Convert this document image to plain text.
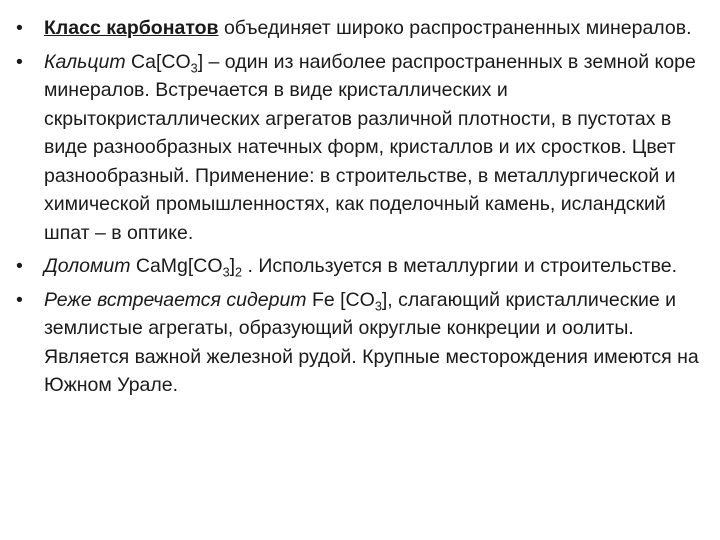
• Класс карбонатов объединяет широко распространенных минералов.
• Кальцит $Ca[CO_3]$ – один из наиболее распространенных в земной коре минералов. Встречается в виде кристаллических и скрытокристаллических агрегатов различной плотности, в пустотах в виде разнообразных натечных форм, кристаллов и их сростков. Цвет разнообразный. Применение: в строительстве, в металлургической и химической промышленностях, как поделочный камень, исландский шпат – в оптике.
• Доломит $CaMg[CO_3]_2$ . Используется в металлургии и строительстве.
• Реже встречается сидерит Fe $[CO_3]$, слагающий кристаллические и землистые агрегаты, образующий округлые конкреции и оолиты. Является важной железной рудой. Крупные месторождения имеются на Южном Урале.
